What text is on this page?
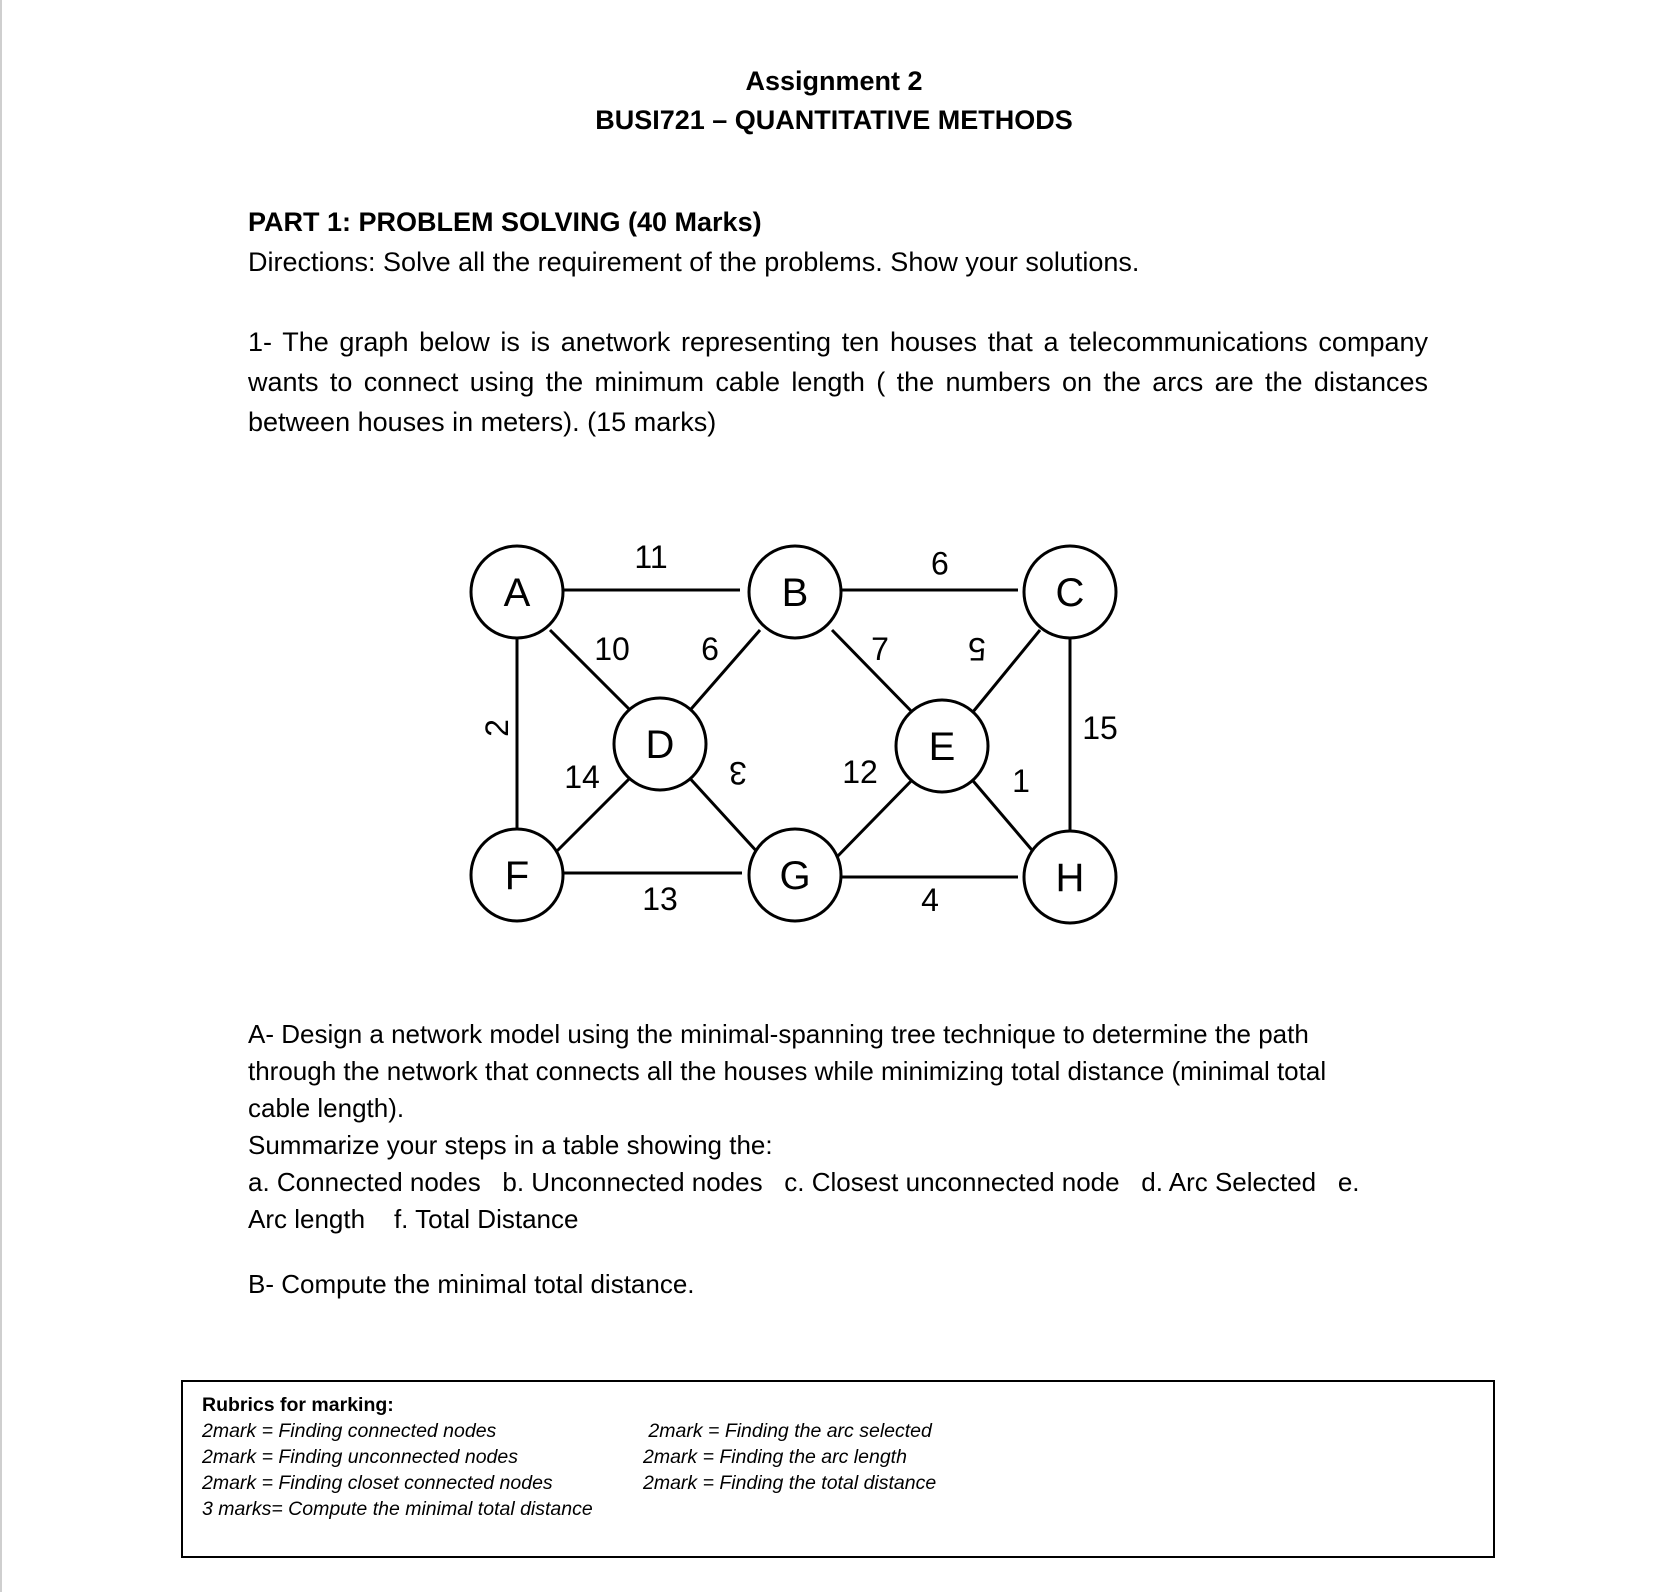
Assignment 2
BUSI721 – QUANTITATIVE METHODS
PART 1: PROBLEM SOLVING (40 Marks)
Directions: Solve all the requirement of the problems. Show your solutions.
1- The graph below is is anetwork representing ten houses that a telecommunications company wants to connect using the minimum cable length ( the numbers on the arcs are the distances between houses in meters). (15 marks)
A	B	C
D	E
F	G	H
11	9
10 6	7 5
2	15
14	3	12	1
13	4
A- Design a network model using the minimal-spanning tree technique to determine the path
through the network that connects all the houses while minimizing total distance (minimal total
cable length).
Summarize your steps in a table showing the:
a. Connected nodes   b. Unconnected nodes   c. Closest unconnected node   d. Arc Selected   e.
Arc length    f. Total Distance
B- Compute the minimal total distance.
Rubrics for marking:
2mark = Finding connected nodes
2mark = Finding unconnected nodes
2mark = Finding closet connected nodes
3 marks= Compute the minimal total distance
2mark = Finding the arc selected
2mark = Finding the arc length
2mark = Finding the total distance
